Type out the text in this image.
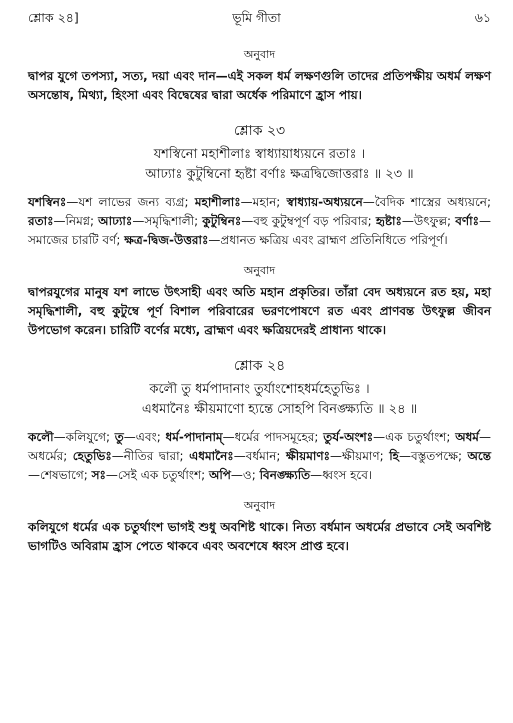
শ্লোক ২৪]	ভূমি গীতা	৬১
অনুবাদ

দ্বাপর যুগে তপস্যা, সত্য, দয়া এবং দান—এই সকল ধর্ম লক্ষণগুলি তাদের প্রতিপক্ষীয় অধর্ম লক্ষণ অসন্তোষ, মিথ্যা, হিংসা এবং বিদ্বেষের দ্বারা অর্ধেক পরিমাণে হ্রাস পায়।

শ্লোক ২৩
যশস্বিনো মহাশীলাঃ স্বাধ্যায়াধ্যয়নে রতাঃ ।
আঢ্যাঃ কুটুম্বিনো হৃষ্টা বর্ণাঃ ক্ষত্রদ্বিজোত্তরাঃ ॥ ২৩ ॥

যশস্বিনঃ—যশ লাভের জন্য ব্যগ্র; মহাশীলাঃ—মহান; স্বাধ্যায়-অধ্যয়নে—বৈদিক শাস্ত্রের অধ্যয়নে; রতাঃ—নিমগ্ন; আঢ্যাঃ—সমৃদ্ধিশালী; কুটুম্বিনঃ—বহু কুটুম্বপূর্ণ বড় পরিবার; হৃষ্টাঃ—উৎফুল্ল; বর্ণাঃ—সমাজের চারটি বর্ণ; ক্ষত্র-দ্বিজ-উত্তরাঃ—প্রধানত ক্ষত্রিয় এবং ব্রাহ্মণ প্রতিনিধিতে পরিপূর্ণ।

অনুবাদ

দ্বাপরযুগের মানুষ যশ লাভে উৎসাহী এবং অতি মহান প্রকৃতির। তাঁরা বেদ অধ্যয়নে রত হয়, মহা সমৃদ্ধিশালী, বহু কুটুম্বে পূর্ণ বিশাল পরিবারের ভরণপোষণে রত এবং প্রাণবন্ত উৎফুল্ল জীবন উপভোগ করেন। চারিটি বর্ণের মধ্যে, ব্রাহ্মণ এবং ক্ষত্রিয়দেরই প্রাধান্য থাকে।

শ্লোক ২৪
কলৌ তু ধর্মপাদানাং তুর্যাংশোহধর্মহেতুভিঃ ।
এধমানৈঃ ক্ষীয়মাণো হ্যন্তে সোহপি বিনঙ্ক্ষ্যতি ॥ ২৪ ॥

কলৌ—কলিযুগে; তু—এবং; ধর্ম-পাদানাম্—ধর্মের পাদসমূহের; তুর্য-অংশঃ—এক চতুর্থাংশ; অধর্ম—অধর্মের; হেতুভিঃ—নীতির দ্বারা; এধমানৈঃ—বর্ধমান; ক্ষীয়মাণঃ—ক্ষীয়মাণ; হি—বস্তুতপক্ষে; অন্তে—শেষভাগে; সঃ—সেই এক চতুর্থাংশ; অপি—ও; বিনঙ্ক্ষ্যতি—ধ্বংস হবে।

অনুবাদ

কলিযুগে ধর্মের এক চতুর্থাংশ ভাগই শুধু অবশিষ্ট থাকে। নিত্য বর্ধমান অধর্মের প্রভাবে সেই অবশিষ্ট ভাগটিও অবিরাম হ্রাস পেতে থাকবে এবং অবশেষে ধ্বংস প্রাপ্ত হবে।
